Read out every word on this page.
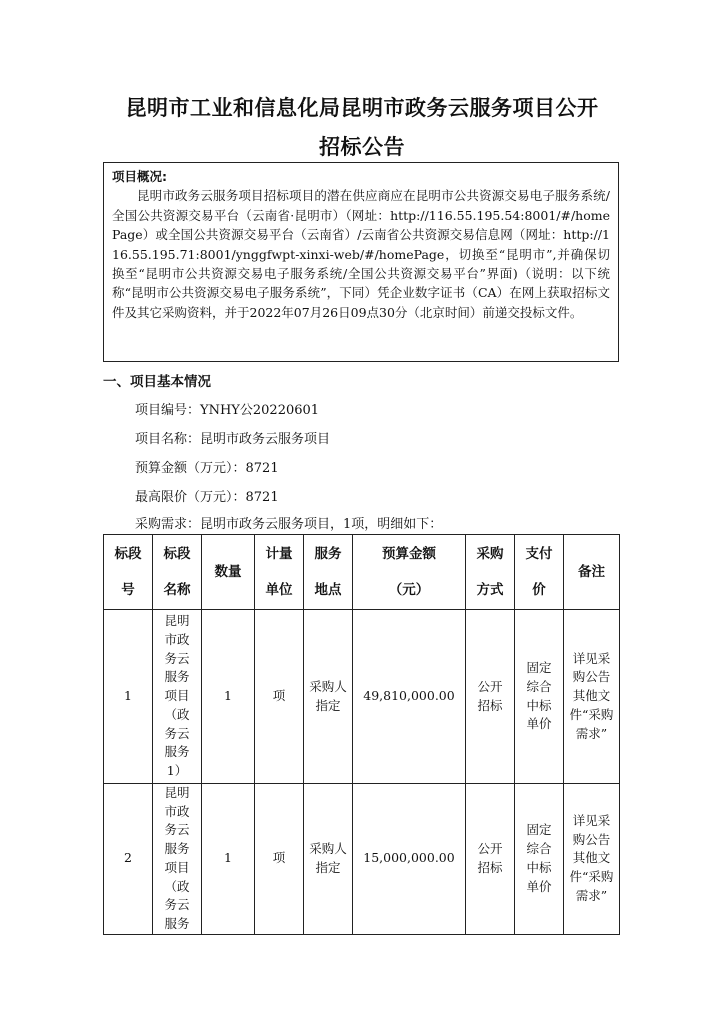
昆明市工业和信息化局昆明市政务云服务项目公开
招标公告
项目概况:
昆明市政务云服务项目招标项目的潜在供应商应在昆明市公共资源交易电子服务系统/全国公共资源交易平台（云南省·昆明市）（网址：http://116.55.195.54:8001/#/homePage）或全国公共资源交易平台（云南省）/云南省公共资源交易信息网（网址：http://116.55.195.71:8001/ynggfwpt-xinxi-web/#/homePage，切换至“昆明市”,并确保切换至“昆明市公共资源交易电子服务系统/全国公共资源交易平台”界面)（说明：以下统称“昆明市公共资源交易电子服务系统”，下同）凭企业数字证书（CA）在网上获取招标文件及其它采购资料，并于2022年07月26日09点30分（北京时间）前递交投标文件。
一、项目基本情况
项目编号：YNHY公20220601
项目名称：昆明市政务云服务项目
预算金额（万元）：8721
最高限价（万元）：8721
采购需求：昆明市政务云服务项目，1项，明细如下：
标段号	标段名称	数量	计量单位	服务地点	预算金额（元）	采购方式	支付价	备注
1	昆明市政务云服务项目（政务云服务1）	1	项	采购人指定	49,810,000.00	公开招标	固定综合中标单价	详见采购公告其他文件“采购需求”

2	昆明市政务云服务项目（政务云服务	1	项	采购人指定	15,000,000.00	公开招标	固定综合中标单价	详见采购公告其他文件“采购需求”
